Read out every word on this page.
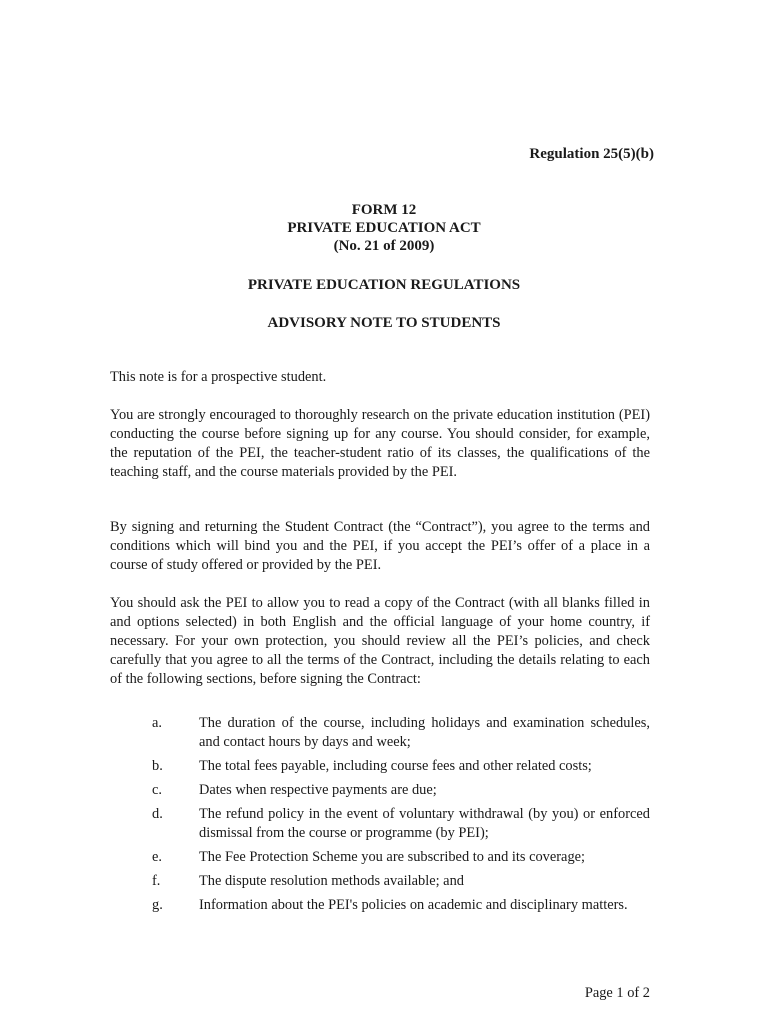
Regulation 25(5)(b)
FORM 12
PRIVATE EDUCATION ACT
(No. 21 of 2009)
PRIVATE EDUCATION REGULATIONS
ADVISORY NOTE TO STUDENTS

This note is for a prospective student.

You are strongly encouraged to thoroughly research on the private education institution (PEI) conducting the course before signing up for any course. You should consider, for example, the reputation of the PEI, the teacher-student ratio of its classes, the qualifications of the teaching staff, and the course materials provided by the PEI.

By signing and returning the Student Contract (the “Contract”), you agree to the terms and conditions which will bind you and the PEI, if you accept the PEI’s offer of a place in a course of study offered or provided by the PEI.

You should ask the PEI to allow you to read a copy of the Contract (with all blanks filled in and options selected) in both English and the official language of your home country, if necessary. For your own protection, you should review all the PEI’s policies, and check carefully that you agree to all the terms of the Contract, including the details relating to each of the following sections, before signing the Contract:

a.	The duration of the course, including holidays and examination schedules, and contact hours by days and week;
b.	The total fees payable, including course fees and other related costs;
c.	Dates when respective payments are due;
d.	The refund policy in the event of voluntary withdrawal (by you) or enforced dismissal from the course or programme (by PEI);
e.	The Fee Protection Scheme you are subscribed to and its coverage;
f.	The dispute resolution methods available; and
g.	Information about the PEI's policies on academic and disciplinary matters.
Page 1 of 2
